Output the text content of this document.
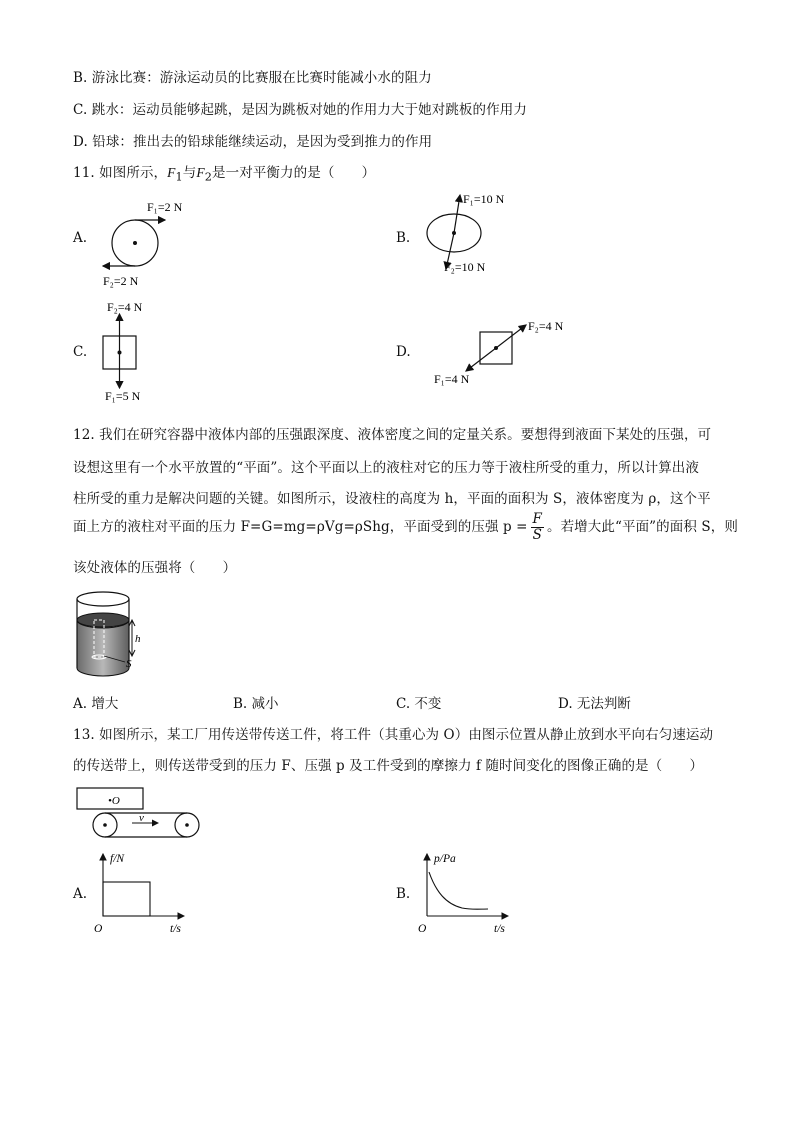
B. 游泳比赛：游泳运动员的比赛服在比赛时能减小水的阻力
C. 跳水：运动员能够起跳，是因为跳板对她的作用力大于她对跳板的作用力
D. 铅球：推出去的铅球能继续运动，是因为受到推力的作用
11. 如图所示，$F_1$与$F_2$是一对平衡力的是（　　）
A.
F₁=2 N
F₂=2 N
B.
F₁=10 N
F₂=10 N
C.
F₂=4 N
F₁=5 N
D.
F₂=4 N
F₁=4 N
12. 我们在研究容器中液体内部的压强跟深度、液体密度之间的定量关系。要想得到液面下某处的压强，可
设想这里有一个水平放置的“平面”。这个平面以上的液柱对它的压力等于液柱所受的重力，所以计算出液
柱所受的重力是解决问题的关键。如图所示，设液柱的高度为 h，平面的面积为 S，液体密度为 ρ，这个平
面上方的液柱对平面的压力 F=G=mg=ρVg=ρShg，平面受到的压强 $p = \frac{F}{S}$ 。若增大此“平面”的面积 S，则
该处液体的压强将（　　）
h
S
A. 增大	B. 减小	C. 不变	D. 无法判断
13. 如图所示，某工厂用传送带传送工件，将工件（其重心为 O）由图示位置从静止放到水平向右匀速运动
的传送带上，则传送带受到的压力 F、压强 p 及工件受到的摩擦力 f 随时间变化的图像正确的是（　　）
•O
v
A.
f/N
O	t/s
B.
p/Pa
O	t/s
